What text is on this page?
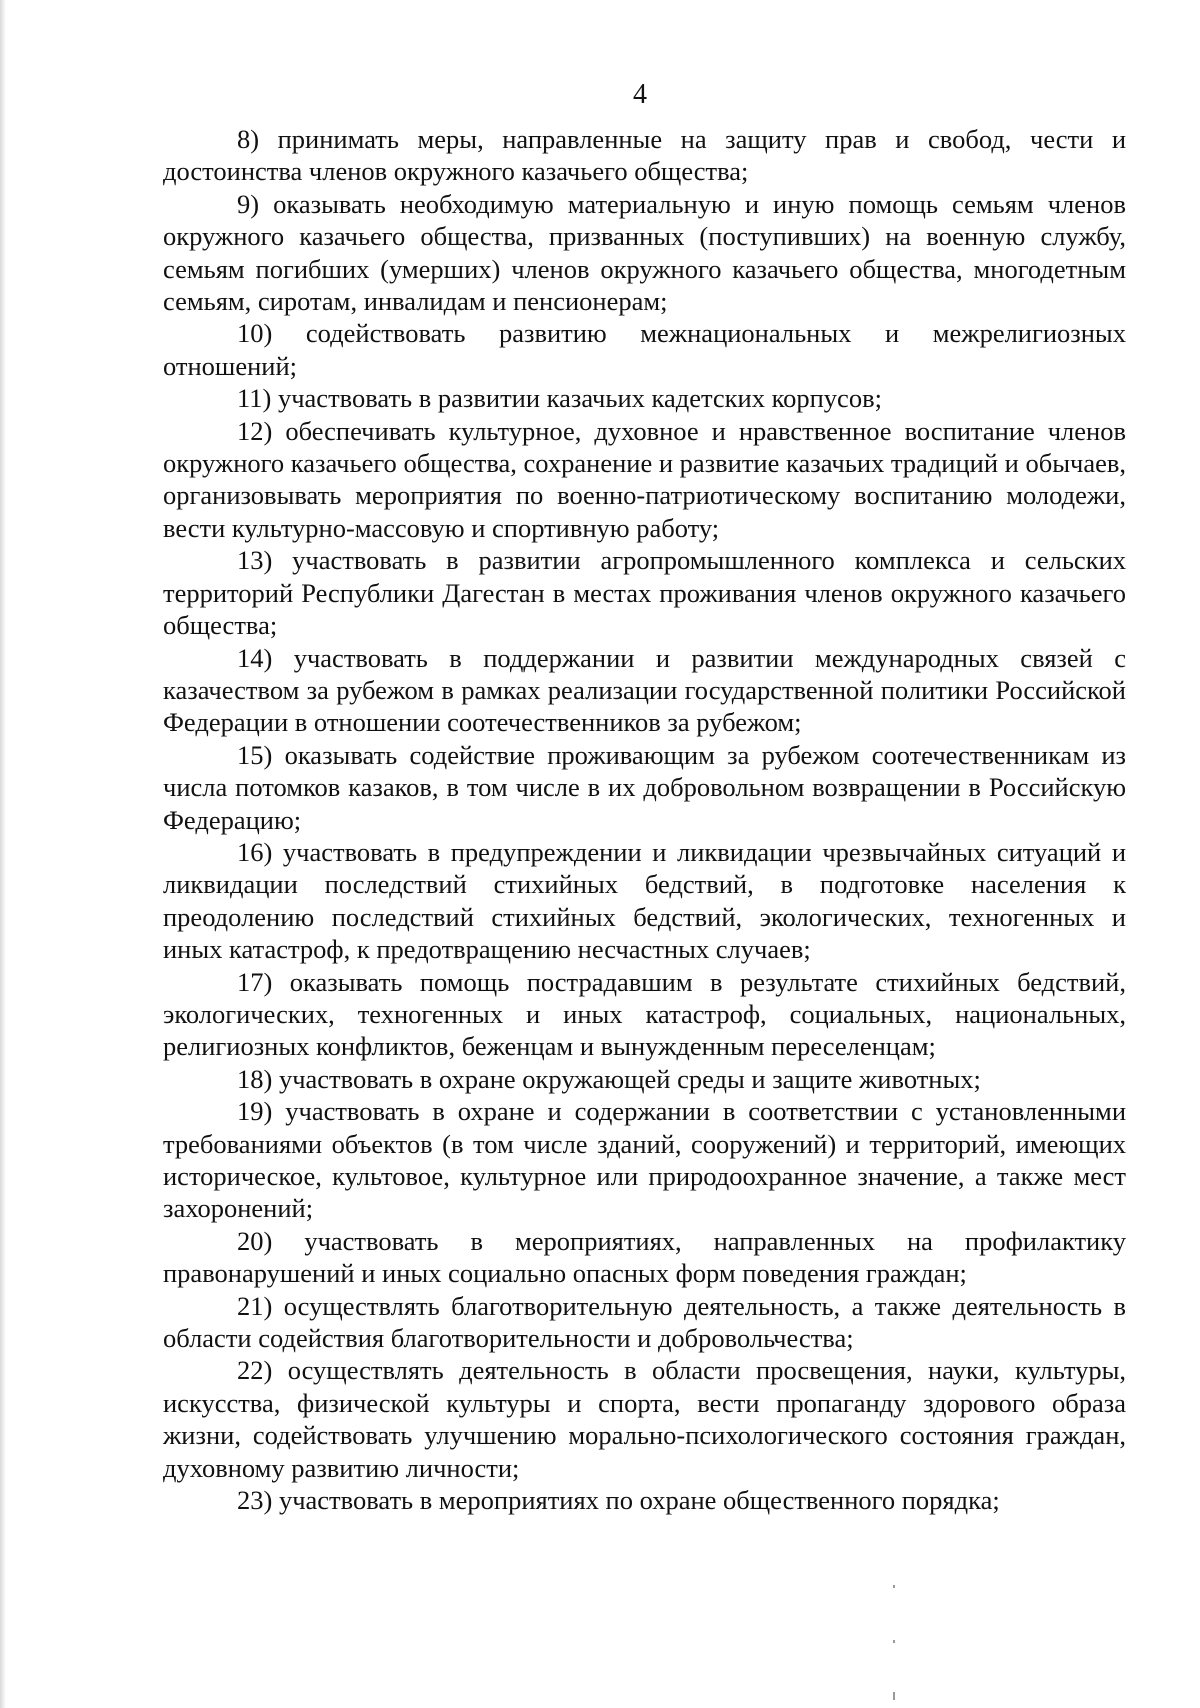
4

8) принимать меры, направленные на защиту прав и свобод, чести и достоинства членов окружного казачьего общества;

9) оказывать необходимую материальную и иную помощь семьям членов окружного казачьего общества, призванных (поступивших) на военную службу, семьям погибших (умерших) членов окружного казачьего общества, многодетным семьям, сиротам, инвалидам и пенсионерам;

10) содействовать развитию межнациональных и межрелигиозных отношений;

11) участвовать в развитии казачьих кадетских корпусов;

12) обеспечивать культурное, духовное и нравственное воспитание членов окружного казачьего общества, сохранение и развитие казачьих традиций и обычаев, организовывать мероприятия по военно-патриотическому воспитанию молодежи, вести культурно-массовую и спортивную работу;

13) участвовать в развитии агропромышленного комплекса и сельских территорий Республики Дагестан в местах проживания членов окружного казачьего общества;

14) участвовать в поддержании и развитии международных связей с казачеством за рубежом в рамках реализации государственной политики Российской Федерации в отношении соотечественников за рубежом;

15) оказывать содействие проживающим за рубежом соотечественникам из числа потомков казаков, в том числе в их добровольном возвращении в Российскую Федерацию;

16) участвовать в предупреждении и ликвидации чрезвычайных ситуаций и ликвидации последствий стихийных бедствий, в подготовке населения к преодолению последствий стихийных бедствий, экологических, техногенных и иных катастроф, к предотвращению несчастных случаев;

17) оказывать помощь пострадавшим в результате стихийных бедствий, экологических, техногенных и иных катастроф, социальных, национальных, религиозных конфликтов, беженцам и вынужденным переселенцам;

18) участвовать в охране окружающей среды и защите животных;

19) участвовать в охране и содержании в соответствии с установленными требованиями объектов (в том числе зданий, сооружений) и территорий, имеющих историческое, культовое, культурное или природоохранное значение, а также мест захоронений;

20) участвовать в мероприятиях, направленных на профилактику правонарушений и иных социально опасных форм поведения граждан;

21) осуществлять благотворительную деятельность, а также деятельность в области содействия благотворительности и добровольчества;

22) осуществлять деятельность в области просвещения, науки, культуры, искусства, физической культуры и спорта, вести пропаганду здорового образа жизни, содействовать улучшению морально-психологического состояния граждан, духовному развитию личности;

23) участвовать в мероприятиях по охране общественного порядка;
